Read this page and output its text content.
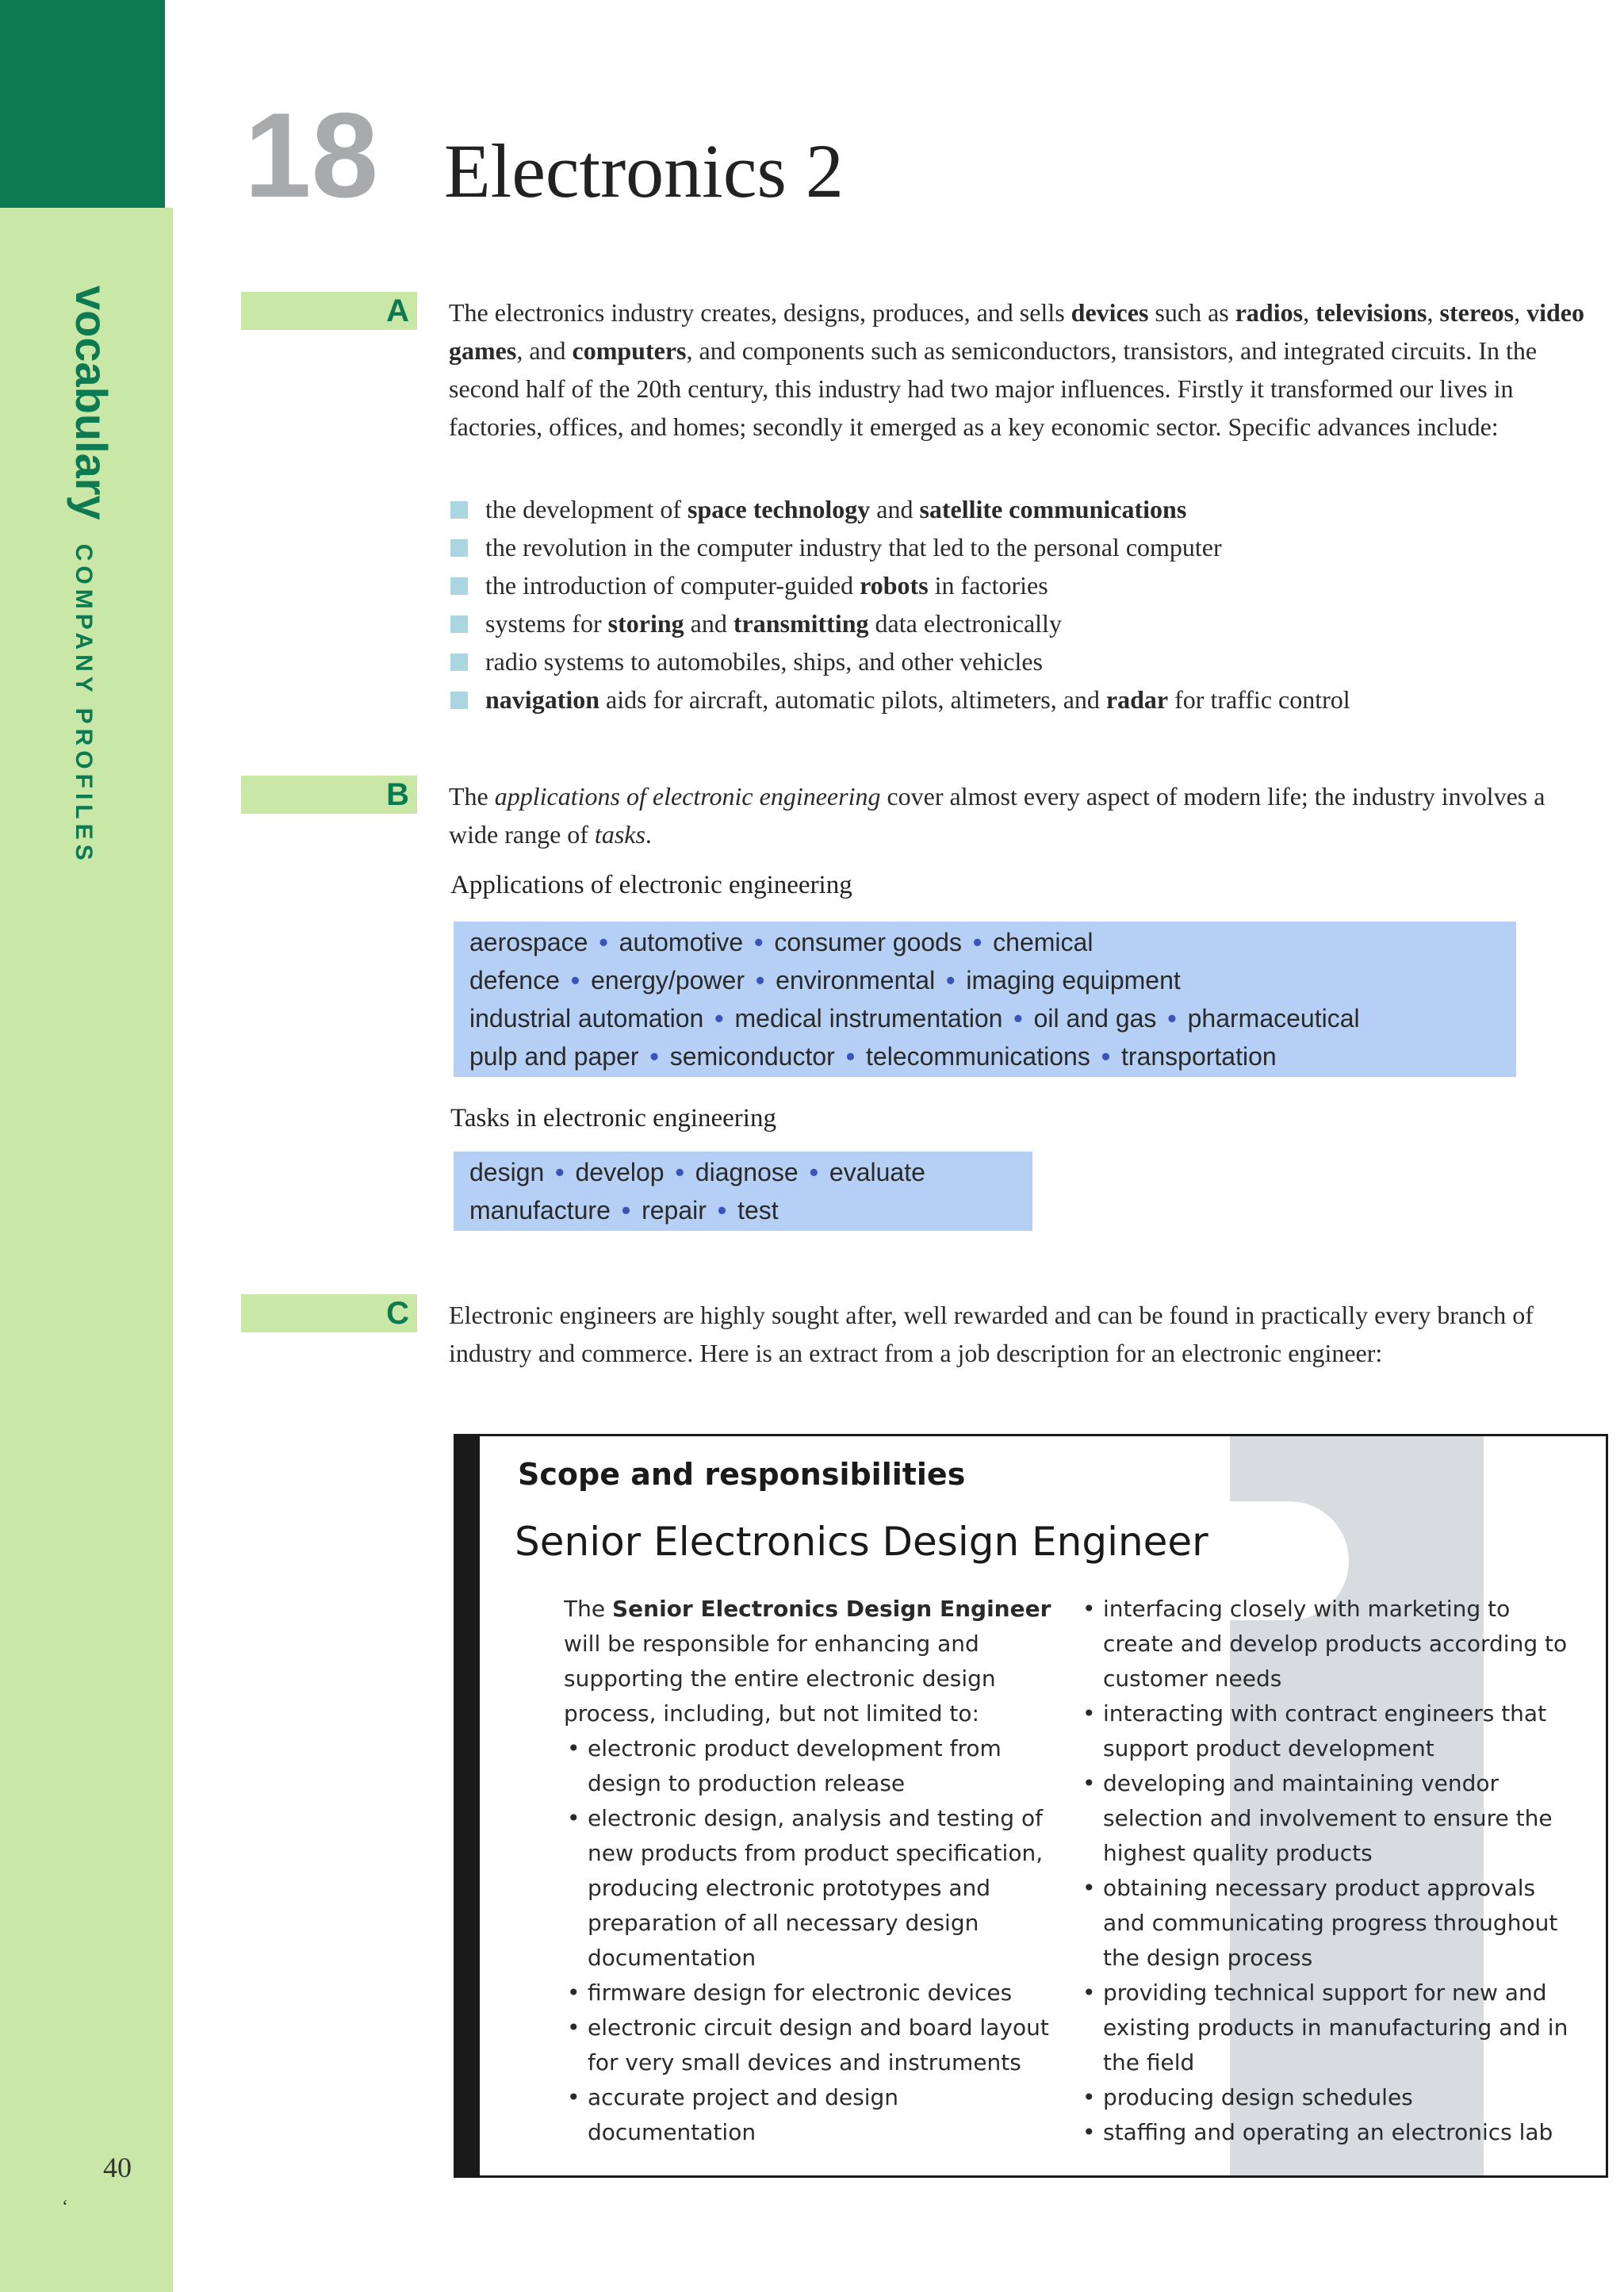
vocabularyCOMPANY PROFILES
40
ʻ
18 Electronics 2
A The electronics industry creates, designs, produces, and sells devices such as radios, televisions, stereos, video games, and computers, and components such as semiconductors, transistors, and integrated circuits. In the second half of the 20th century, this industry had two major influences. Firstly it transformed our lives in factories, offices, and homes; secondly it emerged as a key economic sector. Specific advances include:

the development of space technology and satellite communications
the revolution in the computer industry that led to the personal computer
the introduction of computer-guided robots in factories
systems for storing and transmitting data electronically
radio systems to automobiles, ships, and other vehicles
navigation aids for aircraft, automatic pilots, altimeters, and radar for traffic control
B The applications of electronic engineering cover almost every aspect of modern life; the industry involves a wide range of tasks.

Applications of electronic engineering
aerospace • automotive • consumer goods • chemical
defence • energy/power • environmental • imaging equipment
industrial automation • medical instrumentation • oil and gas • pharmaceutical
pulp and paper • semiconductor • telecommunications • transportation
Tasks in electronic engineering
design • develop • diagnose • evaluate
manufacture • repair • test
C Electronic engineers are highly sought after, well rewarded and can be found in practically every branch of industry and commerce. Here is an extract from a job description for an electronic engineer:

Scope and responsibilities
Senior Electronics Design Engineer

The Senior Electronics Design Engineer will be responsible for enhancing and supporting the entire electronic design process, including, but not limited to:

• electronic product development from design to production release
• electronic design, analysis and testing of new products from product specification, producing electronic prototypes and preparation of all necessary design documentation
• firmware design for electronic devices
• electronic circuit design and board layout for very small devices and instruments
• accurate project and design documentation
• interfacing closely with marketing to create and develop products according to customer needs
• interacting with contract engineers that support product development
• developing and maintaining vendor selection and involvement to ensure the highest quality products
• obtaining necessary product approvals and communicating progress throughout the design process
• providing technical support for new and existing products in manufacturing and in the field
• producing design schedules
• staffing and operating an electronics lab
